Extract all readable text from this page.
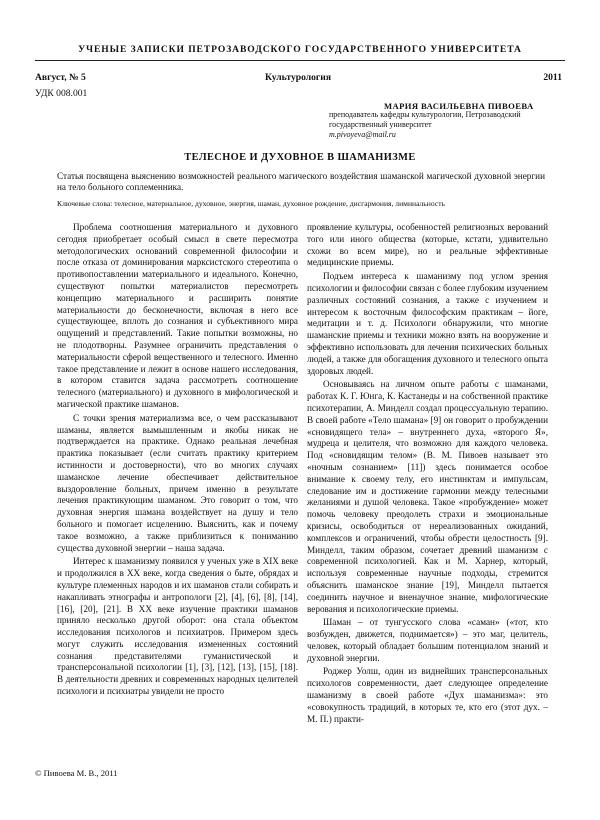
УЧЕНЫЕ ЗАПИСКИ ПЕТРОЗАВОДСКОГО ГОСУДАРСТВЕННОГО УНИВЕРСИТЕТА
Август, № 5	Культурология	2011
УДК 008.001
МАРИЯ ВАСИЛЬЕВНА ПИВОЕВА
преподаватель кафедры культурологии, Петрозаводский государственный университет
m.pivoyeva@mail.ru
ТЕЛЕСНОЕ И ДУХОВНОЕ В ШАМАНИЗМЕ
Статья посвящена выяснению возможностей реального магического воздействия шаманской магической духовной энергии на тело больного соплеменника.
Ключевые слова: телесное, материальное, духовное, энергия, шаман, духовное рождение, дисгармония, лиминальность

Проблема соотношения материального и духовного сегодня приобретает особый смысл в свете пересмотра методологических оснований современной философии и после отказа от доминирования марксистского стереотипа о противопоставлении материального и идеального. Конечно, существуют попытки материалистов пересмотреть концепцию материального и расширить понятие материальности до бесконечности, включая в него все существующее, вплоть до сознания и субъективного мира ощущений и представлений. Такие попытки возможны, но не плодотворны. Разумнее ограничить представления о материальности сферой вещественного и телесного. Именно такое представление и лежит в основе нашего исследования, в котором ставится задача рассмотреть соотношение телесного (материального) и духовного в мифологической и магической практике шаманов.

С точки зрения материализма все, о чем рассказывают шаманы, является вымышленным и якобы никак не подтверждается на практике. Однако реальная лечебная практика показывает (если считать практику критерием истинности и достоверности), что во многих случаях шаманское лечение обеспечивает действительное выздоровление больных, причем именно в результате лечения практикующим шаманом. Это говорит о том, что духовная энергия шамана воздействует на душу и тело больного и помогает исцелению. Выяснить, как и почему такое возможно, а также приблизиться к пониманию существа духовной энергии – наша задача.

Интерес к шаманизму появился у ученых уже в XIX веке и продолжился в XX веке, когда сведения о быте, обрядах и культуре племенных народов и их шаманов стали собирать и накапливать этнографы и антропологи [2], [4], [6], [8], [14], [16], [20], [21]. В XX веке изучение практики шаманов приняло несколько другой оборот: она стала объектом исследования психологов и психиатров. Примером здесь могут служить исследования измененных состояний сознания представителями гуманистической и трансперсональной психологии [1], [3], [12], [13], [15], [18]. В деятельности древних и современных народных целителей психологи и психиатры увидели не просто

проявление культуры, особенностей религиозных верований того или иного общества (которые, кстати, удивительно схожи во всем мире), но и реальные эффективные медицинские приемы.

Подъем интереса к шаманизму под углом зрения психологии и философии связан с более глубоким изучением различных состояний сознания, а также с изучением и интересом к восточным философским практикам – йоге, медитации и т. д. Психологи обнаружили, что многие шаманские приемы и техники можно взять на вооружение и эффективно использовать для лечения психических больных людей, а также для обогащения духовного и телесного опыта здоровых людей.

Основываясь на личном опыте работы с шаманами, работах К. Г. Юнга, К. Кастанеды и на собственной практике психотерапии, А. Минделл создал процессуальную терапию. В своей работе «Тело шамана» [9] он говорит о пробуждении «сновидящего тела» – внутреннего духа, «второго Я», мудреца и целителя, что возможно для каждого человека. Под «сновидящим телом» (В. М. Пивоев называет это «ночным сознанием» [11]) здесь понимается особое внимание к своему телу, его инстинктам и импульсам, следование им и достижение гармонии между телесными желаниями и душой человека. Такое «пробуждение» может помочь человеку преодолеть страхи и эмоциональные кризисы, освободиться от нереализованных ожиданий, комплексов и ограничений, чтобы обрести целостность [9]. Минделл, таким образом, сочетает древний шаманизм с современной психологией. Как и М. Харнер, который, используя современные научные подходы, стремится объяснить шаманское знание [19], Минделл пытается соединить научное и вненаучное знание, мифологические верования и психологические приемы.

Шаман – от тунгусского слова «саман» («тот, кто возбужден, движется, поднимается») – это маг, целитель, человек, который обладает большим потенциалом знаний и духовной энергии.

Роджер Уолш, один из виднейших трансперсональных психологов современности, дает следующее определение шаманизму в своей работе «Дух шаманизма»: это «совокупность традиций, в которых те, кто его (этот дух. – М. П.) практи-

© Пивоева М. В., 2011
